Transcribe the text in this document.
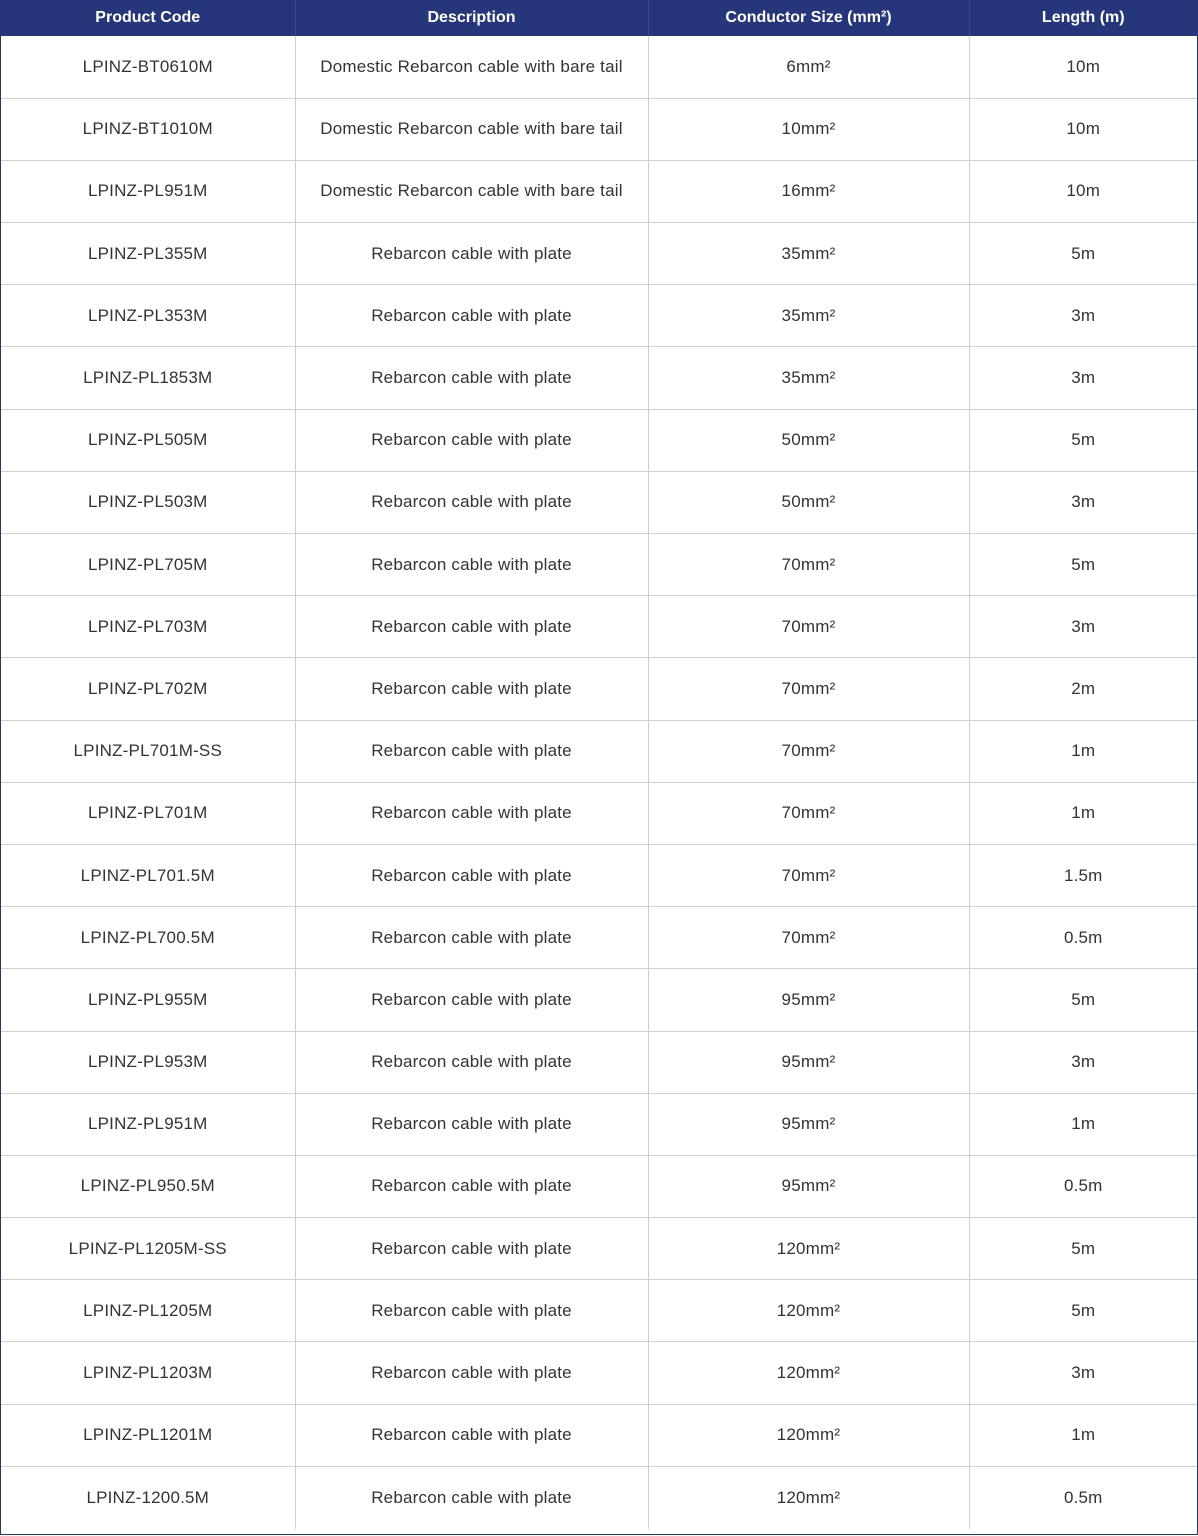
Product Code	Description	Conductor Size (mm²)	Length (m)
LPINZ-BT0610M	Domestic Rebarcon cable with bare tail	6mm²	10m
LPINZ-BT1010M	Domestic Rebarcon cable with bare tail	10mm²	10m
LPINZ-PL951M	Domestic Rebarcon cable with bare tail	16mm²	10m
LPINZ-PL355M	Rebarcon cable with plate	35mm²	5m
LPINZ-PL353M	Rebarcon cable with plate	35mm²	3m
LPINZ-PL1853M	Rebarcon cable with plate	35mm²	3m
LPINZ-PL505M	Rebarcon cable with plate	50mm²	5m
LPINZ-PL503M	Rebarcon cable with plate	50mm²	3m
LPINZ-PL705M	Rebarcon cable with plate	70mm²	5m
LPINZ-PL703M	Rebarcon cable with plate	70mm²	3m
LPINZ-PL702M	Rebarcon cable with plate	70mm²	2m
LPINZ-PL701M-SS	Rebarcon cable with plate	70mm²	1m
LPINZ-PL701M	Rebarcon cable with plate	70mm²	1m
LPINZ-PL701.5M	Rebarcon cable with plate	70mm²	1.5m
LPINZ-PL700.5M	Rebarcon cable with plate	70mm²	0.5m
LPINZ-PL955M	Rebarcon cable with plate	95mm²	5m
LPINZ-PL953M	Rebarcon cable with plate	95mm²	3m
LPINZ-PL951M	Rebarcon cable with plate	95mm²	1m
LPINZ-PL950.5M	Rebarcon cable with plate	95mm²	0.5m
LPINZ-PL1205M-SS	Rebarcon cable with plate	120mm²	5m
LPINZ-PL1205M	Rebarcon cable with plate	120mm²	5m
LPINZ-PL1203M	Rebarcon cable with plate	120mm²	3m
LPINZ-PL1201M	Rebarcon cable with plate	120mm²	1m
LPINZ-1200.5M	Rebarcon cable with plate	120mm²	0.5m
